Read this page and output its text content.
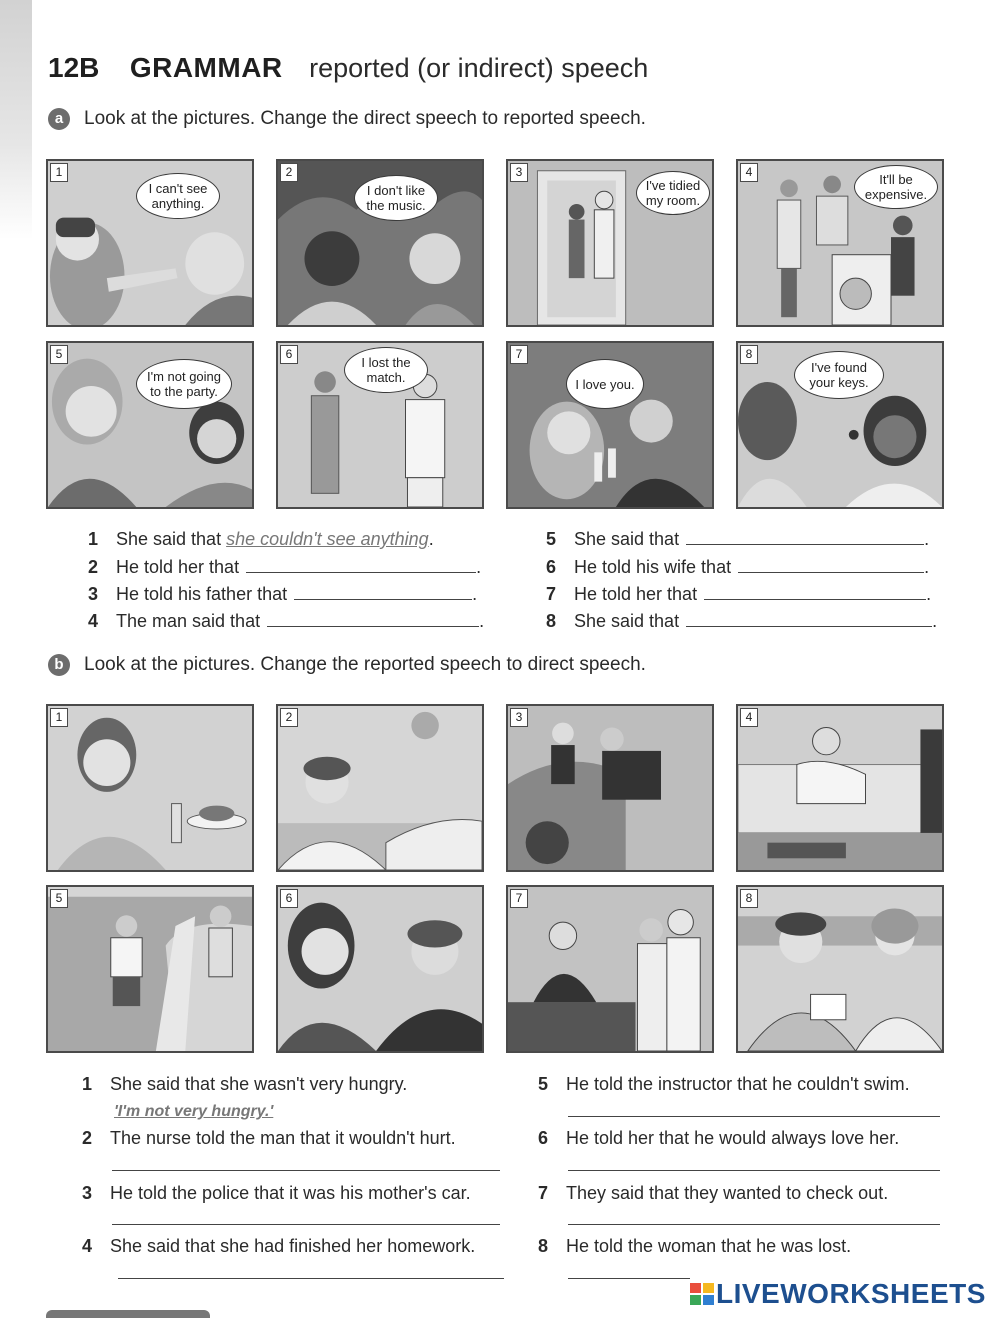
12B GRAMMAR reported (or indirect) speech
a Look at the pictures. Change the direct speech to reported speech.
1
I can't see anything.
2
I don't like the music.
3
I've tidied my room.
4	It'll be expensive.
5
I'm not going to the party.
6
I lost the match.
7
I love you.
8
I've found your keys.
1 She said that she couldn't see anything.
2 He told her that	.
3 He told his father that	.
4 The man said that	.
5 She said that	.
6 He told his wife that	.
7 He told her that	.
8 She said that	.
b Look at the pictures. Change the reported speech to direct speech.
1	2	3	4
5	6	7	8
1 She said that she wasn't very hungry.
'I'm not very hungry.'
2 The nurse told the man that it wouldn't hurt.
3 He told the police that it was his mother's car.
4 She said that she had finished her homework.
5 He told the instructor that he couldn't swim.
6 He told her that he would always love her.
7 They said that they wanted to check out.
8 He told the woman that he was lost.
LIVEWORKSHEETS
